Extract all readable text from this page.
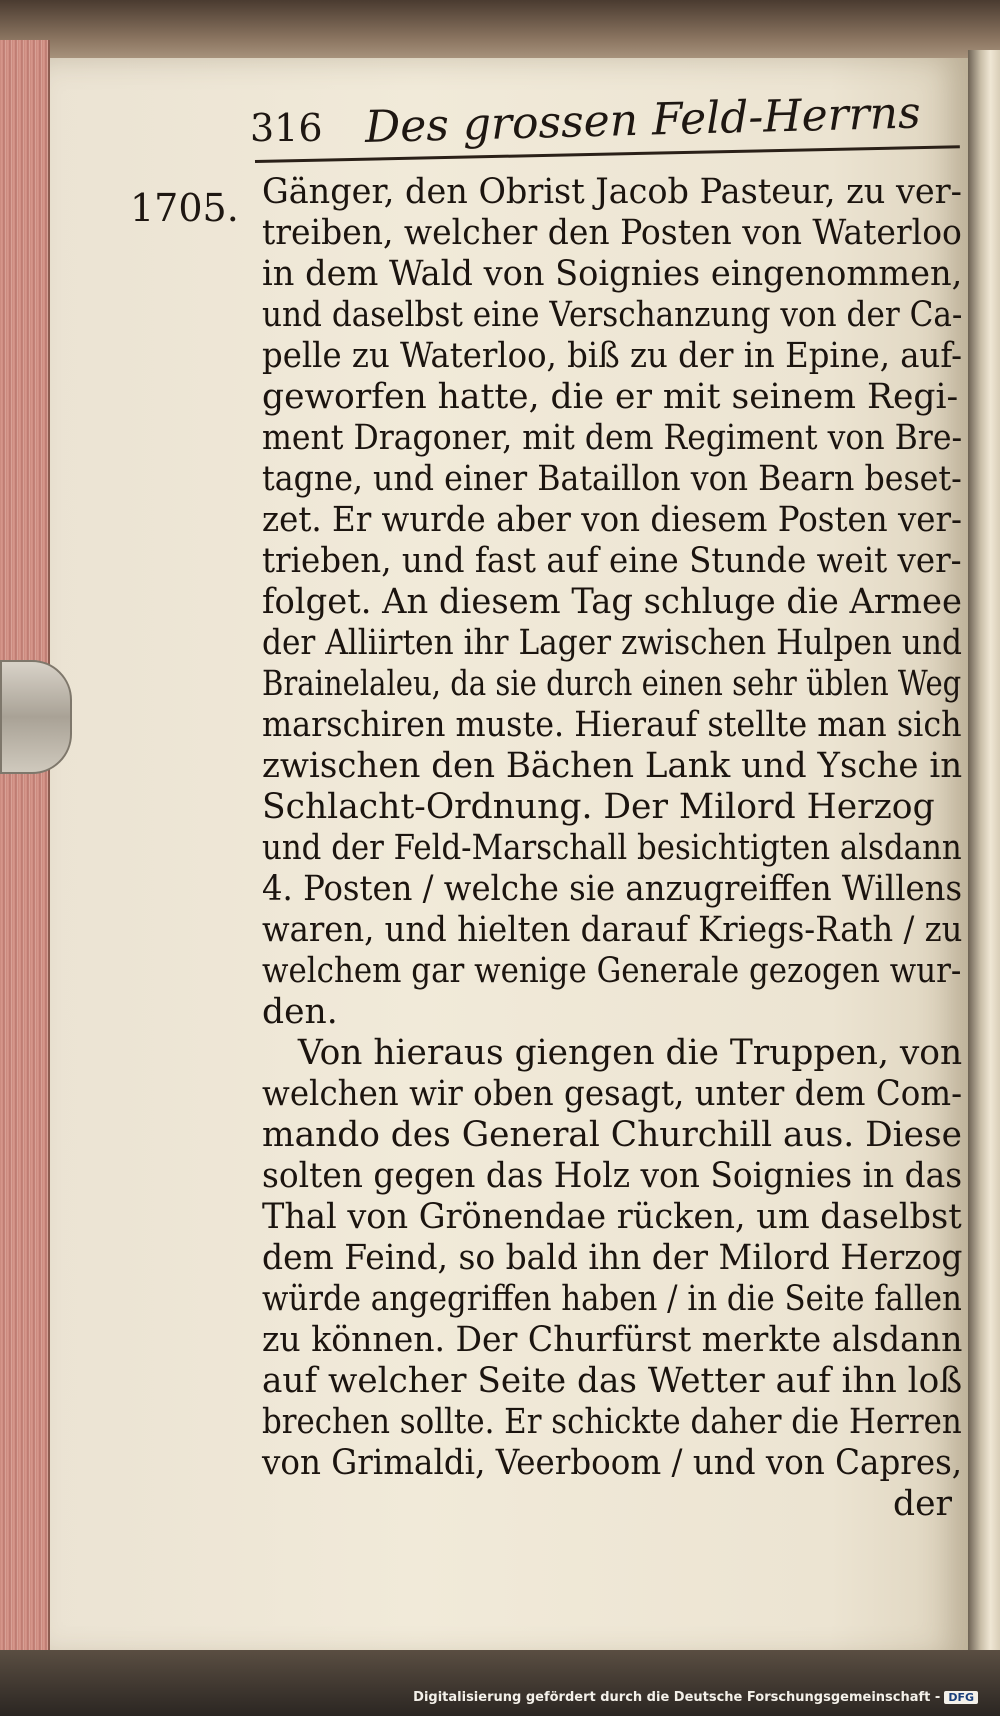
316 Des grossen Feld-Herrns
1705. Gänger, den Obrist Jacob Pasteur, zu ver-
treiben, welcher den Posten von Waterloo
in dem Wald von Soignies eingenommen,
und daselbst eine Verschanzung von der Ca-
pelle zu Waterloo, biß zu der in Epine, auf-
geworfen hatte, die er mit seinem Regi-
ment Dragoner, mit dem Regiment von Bre-
tagne, und einer Bataillon von Bearn beset-
zet. Er wurde aber von diesem Posten ver-
trieben, und fast auf eine Stunde weit ver-
folget. An diesem Tag schluge die Armee
der Alliirten ihr Lager zwischen Hulpen und
Brainelaleu, da sie durch einen sehr üblen Weg
marschiren muste. Hierauf stellte man sich
zwischen den Bächen Lank und Ysche in
Schlacht-Ordnung. Der Milord Herzog
und der Feld-Marschall besichtigten alsdann
4. Posten / welche sie anzugreiffen Willens
waren, und hielten darauf Kriegs-Rath / zu
welchem gar wenige Generale gezogen wur-
den.
Von hieraus giengen die Truppen, von
welchen wir oben gesagt, unter dem Com-
mando des General Churchill aus. Diese
solten gegen das Holz von Soignies in das
Thal von Grönendae rücken, um daselbst
dem Feind, so bald ihn der Milord Herzog
würde angegriffen haben / in die Seite fallen
zu können. Der Churfürst merkte alsdann
auf welcher Seite das Wetter auf ihn loß
brechen sollte. Er schickte daher die Herren
von Grimaldi, Veerboom / und von Capres,
der
Digitalisierung gefördert durch die Deutsche Forschungsgemeinschaft - DFG
